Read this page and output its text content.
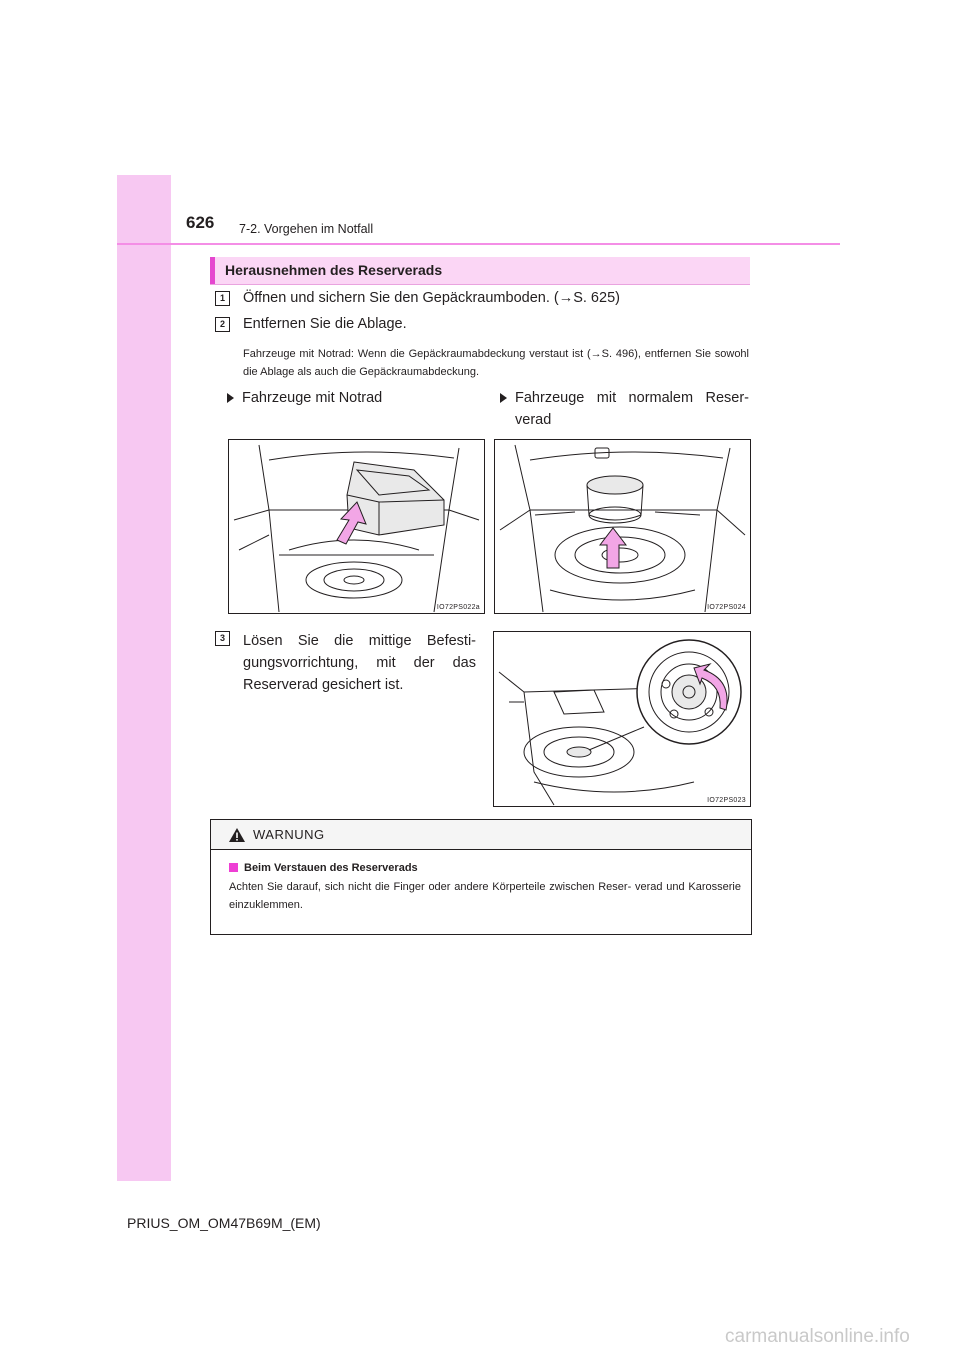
626 7-2. Vorgehen im Notfall
Herausnehmen des Reserverads
1	Öffnen und sichern Sie den Gepäckraumboden. (→S. 625)
2	Entfernen Sie die Ablage.
Fahrzeuge mit Notrad: Wenn die Gepäckraumabdeckung verstaut ist (→S. 496), entfernen Sie sowohl die Ablage als auch die Gepäckraumabdeckung.
Fahrzeuge mit Notrad	Fahrzeuge mit normalem Reser- verad
IO72PS022a	IO72PS024
3	Lösen Sie die mittige Befesti- gungsvorrichtung, mit der das Reserverad gesichert ist.
IO72PS023
WARNUNG
Beim Verstauen des Reserverads
Achten Sie darauf, sich nicht die Finger oder andere Körperteile zwischen Reser- verad und Karosserie einzuklemmen.
PRIUS_OM_OM47B69M_(EM)
carmanualsonline.info
